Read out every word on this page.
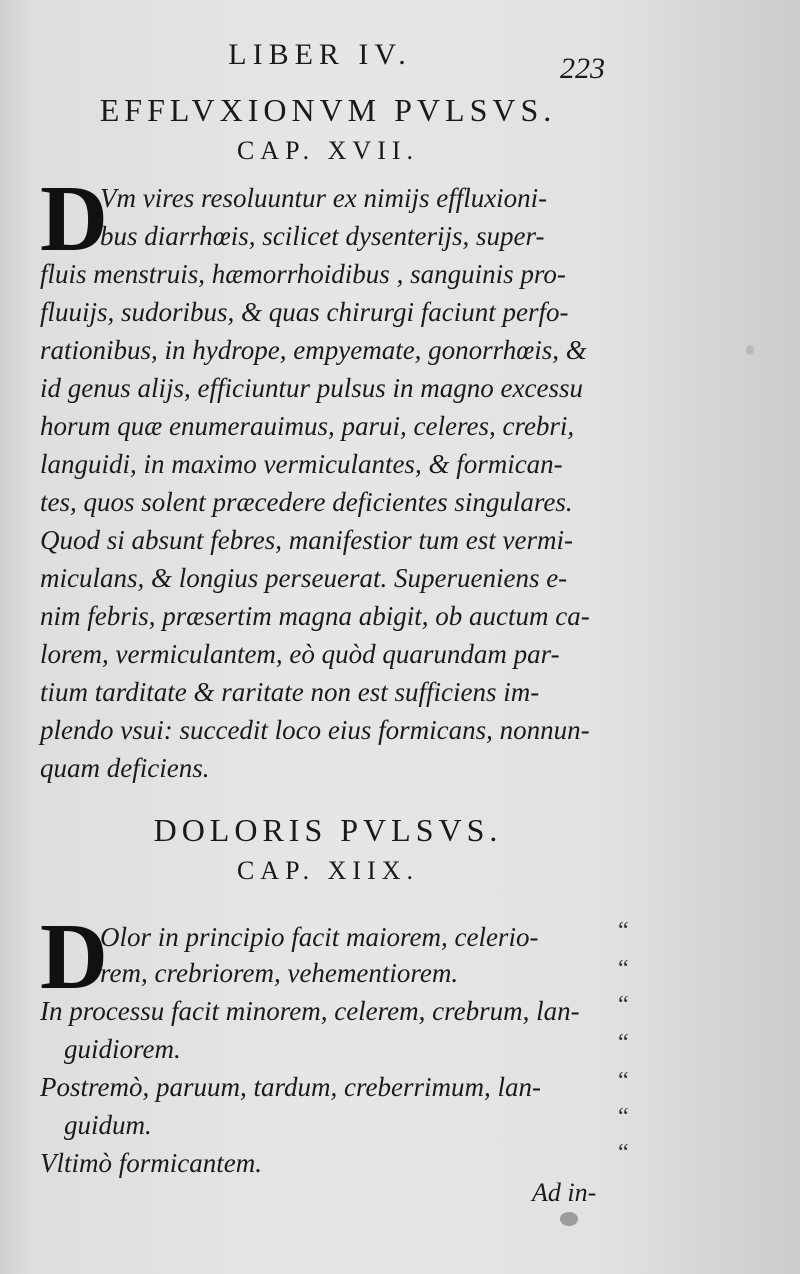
LIBER IV.	223
EFFLVXIONVM PVLSVS.
CAP. XVII.
D
Vm vires resoluuntur ex nimijs effluxioni-
bus diarrhœis, scilicet dysenterijs, super-
fluis menstruis, hæmorrhoidibus , sanguinis pro-
fluuijs, sudoribus, & quas chirurgi faciunt perfo-
rationibus, in hydrope, empyemate, gonorrhœis, &
id genus alijs, efficiuntur pulsus in magno excessu
horum quæ enumerauimus, parui, celeres, crebri,
languidi, in maximo vermiculantes, & formican-
tes, quos solent præcedere deficientes singulares.
Quod si absunt febres, manifestior tum est vermi-
miculans, & longius perseuerat. Superueniens e-
nim febris, præsertim magna abigit, ob auctum ca-
lorem, vermiculantem, eò quòd quarundam par-
tium tarditate & raritate non est sufficiens im-
plendo vsui: succedit loco eius formicans, nonnun-
quam deficiens.
DOLORIS PVLSVS.
CAP. XIIX.
D
Olor in principio facit maiorem, celerio-
rem, crebriorem, vehementiorem.
In processu facit minorem, celerem, crebrum, lan-
guidiorem.
Postremò, paruum, tardum, creberrimum, lan-
guidum.
Vltimò formicantem.
“
“
“
“
“
“
“
Ad in-
